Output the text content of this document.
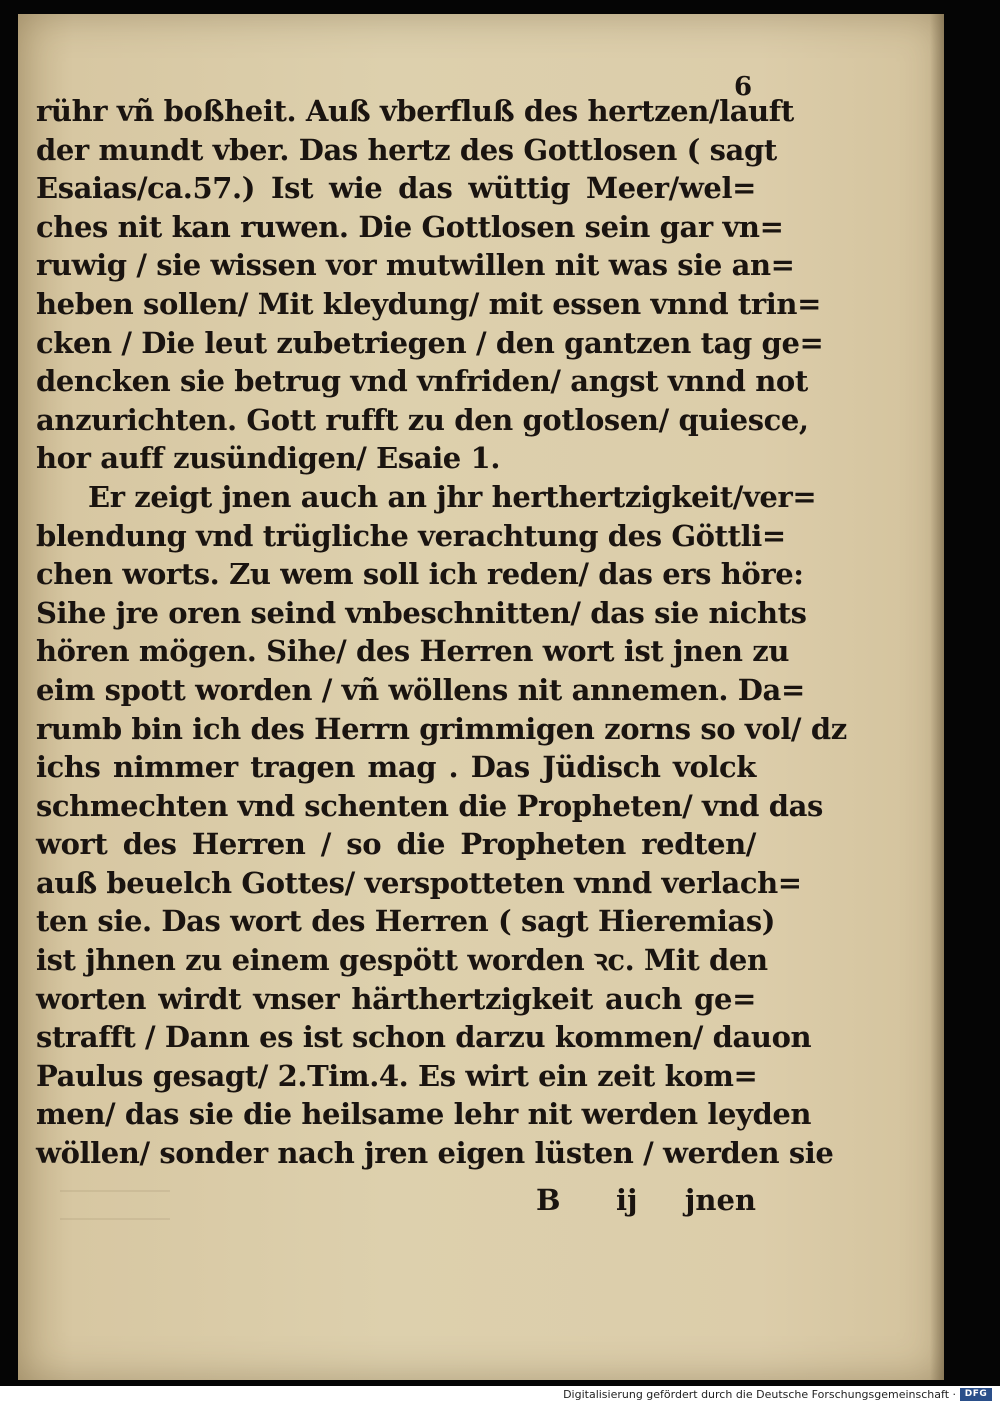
6
rühr vñ boßheit. Auß vberfluß des hertzen/lauft
der mundt vber. Das hertz des Gottlosen ( sagt
Esaias/ca.57.) Ist wie das wüttig Meer/wel=
ches nit kan ruwen. Die Gottlosen sein gar vn=
ruwig / sie wissen vor mutwillen nit was sie an=
heben sollen/ Mit kleydung/ mit essen vnnd trin=
cken / Die leut zubetriegen / den gantzen tag ge=
dencken sie betrug vnd vnfriden/ angst vnnd not
anzurichten. Gott rufft zu den gotlosen/ quiesce,
hor auff zusündigen/ Esaie 1.
Er zeigt jnen auch an jhr herthertzigkeit/ver=
blendung vnd trügliche verachtung des Göttli=
chen worts. Zu wem soll ich reden/ das ers höre:
Sihe jre oren seind vnbeschnitten/ das sie nichts
hören mögen. Sihe/ des Herren wort ist jnen zu
eim spott worden / vñ wöllens nit annemen. Da=
rumb bin ich des Herrn grimmigen zorns so vol/ dz
ichs nimmer tragen mag . Das Jüdisch volck
schmechten vnd schenten die Propheten/ vnd das
wort des Herren / so die Propheten redten/
auß beuelch Gottes/ verspotteten vnnd verlach=
ten sie. Das wort des Herren ( sagt Hieremias)
ist jhnen zu einem gespött worden ꝛc. Mit den
worten wirdt vnser härthertzigkeit auch ge=
strafft / Dann es ist schon darzu kommen/ dauon
Paulus gesagt/ 2.Tim.4. Es wirt ein zeit kom=
men/ das sie die heilsame lehr nit werden leyden
wöllen/ sonder nach jren eigen lüsten / werden sie
B ij jnen
Digitalisierung gefördert durch die Deutsche Forschungsgemeinschaft · DFG
